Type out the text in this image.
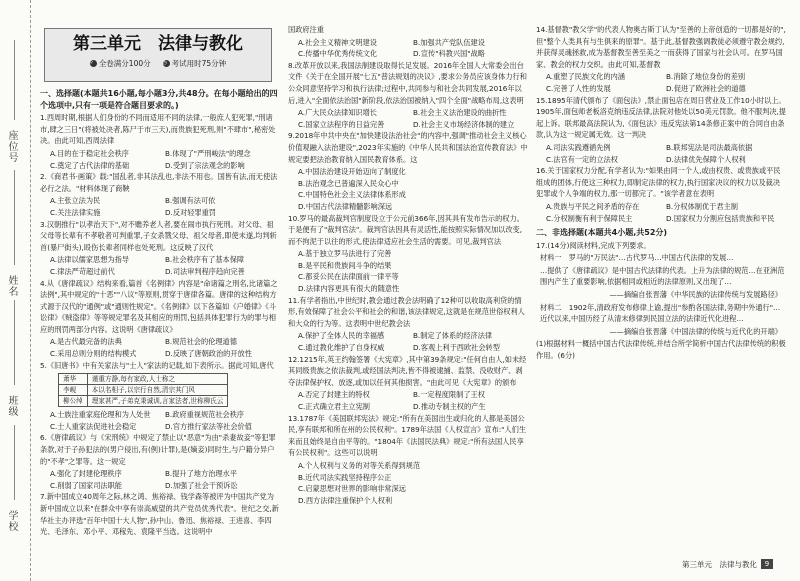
座位号
姓名
班级
学校
第三单元　法律与教化
✓ 全卷满分100分 ◷ 考试用时75分钟
一、选择题(本题共16小题,每小题3分,共48分。在每小题给出的四个选项中,只有一项是符合题目要求的。)
1.西周时期,根据人们身份的不同而适用不同的法律,一般庶人犯死罪,"刑诸市,肆之三日"(将被处决者,陈尸于市三天),而贵族犯死刑,则"不肆市",秘密处决。由此可知,西周法律
A.目的在于稳定社会秩序	B.体现了"严刑峻法"的理念
C.奠定了古代法律的基础	D.受到了宗法观念的影响
2.《商君书·画策》载:"国乱者,非其法乱也,非法不用也。国皆有法,而无使法必行之法。"材料体现了商鞅
A.主张立法为民	B.强调有法可依
C.关注法律实施	D.反对轻罪重罚
3.汉朝推行"以孝治天下",对不赡养老人者,要在闹市执行死刑。对父母、祖父母等长辈有不孝敬者可判重罪,子女杀戮父母、祖父母者,即使未遂,均判斩首(暴尸街头),殴伤长辈者同样也处死刑。这反映了汉代
A.法律以儒家思想为指导	B.社会秩序有了基本保障
C.律法严苛超过前代	D.司法审判程序趋向完善
4.从《唐律疏议》结构来看,篇首《名例律》内容是"命诸篇之刑名,比诸篇之法例",其中规定的"十恶""八议"等原则,贯穿于唐律各篇。唐律的这种结构方式源于汉代的"通例"或"通则性规定"。《名例律》以下各篇如《户婚律》《斗讼律》《贼盗律》等等规定罪名及其相应的刑罚,包括具体犯罪行为的罪与相应的刑罚两部分内容。这说明《唐律疏议》
A.是古代最完备的法典	B.规范社会的伦理道德
C.采用总则分则的结构模式	D.反映了唐朝政治的开放性
5.《旧唐书》中有关家法与"士人"家法的记载,如下表所示。据此可知,唐代
萧华	谨重方静,每有家政,人士称之
李岘	本以名相子,以宗行自然,清宗其门风
柳公绰	理家甚严,子弟克秉诚训,言家法者,世称柳氏云
A.士族注重家庭伦理和为人处世	B.政府重视规范社会秩序
C.士人重家法促进社会稳定	D.官方推行家法等社会价值
6.《唐律疏议》与《宋刑统》中规定了禁止以"恶意"为由"杀妻故妾"等犯罪条款,对于子孙犯法的(男户侵出,有(例)计罪),是(嫡妾)同时生,与户籍分异户的"不孝"之罪等。这一规定
A.强化了封建伦理秩序	B.提升了地方治理水平
C.削弱了国家司法职能	D.加强了社会干预诉讼
7.新中国成立40周年之际,林之鸿、焦裕禄、钱学森等被评为中国共产党为新中国成立以来"在群众中享有崇高威望的共产党员优秀代表"。世纪之交,新华社主办评选"百年中国十大人物",孙中山、鲁迅、焦裕禄、王进喜、李四光、毛泽东、邓小平、邓稼先、袁隆平当选。这说明中
国政府注重
A.社会主义精神文明建设	B.加强共产党队伍建设
C.传播中华优秀传统文化	D.宣传"科教兴国"战略
8.改革开放以来,我国法制建设取得长足发展。2016年全国人大常委会出台文件《关于在全国开展"七五"普法规划的决议》,要求公务员应该身体力行和公众同意坚持学习和执行法律;过程中,共同参与和社会共同发展,2016年以后,进入"全面依法治国"新阶段,依法治国被纳入"四个全面"战略布局,这表明
A.广大民众法律知识增长	B.社会主义法治建设的曲折性
C.国家立法程序的日益完善	D.社会主义市场经济体制的建立
9.2018年中共中央在"加快建设法治社会"的内容中,强调"推动社会主义核心价值观融入法治建设",2023年实施的《中华人民共和国法治宣传教育法》中规定要把法治教育纳入国民教育体系。这
A.中国法治建设开始迈向了制度化
B.法治观念已普遍深入民众心中
C.中国特色社会主义法律体系形成
D.中国古代法律精髓影响深远
10.罗马的最高裁判官制度设立于公元前366年,因其具有发布告示的权力。于是便有了"裁判官法"。裁判官法因具有灵活性,能按照实际情况加以改变,而不拘泥于以往的形式,使法律适应社会生活的需要。可见,裁判官法
A.基于独立罗马法进行了完善
B.是平民和贵族间斗争的结果
C.都妥公民在法律面前一律平等
D.法律内容更具有很大的随意性
11.有学者指出,中世纪时,教会通过教会法明确了12种可以收取高利贷的情形,有效保障了社会公平和社会的和谐,该法律规定,这就是在规范世俗权利人和大众的行为等。这表明中世纪教会法
A.保护了全体人民的幸福感	B.制定了体系的经济法律
C.通过教化维护了自身权威	D.客观上利于西欧社会转型
12.1215年,英王约翰签署《大宪章》,其中第39条规定:"任何自由人,如未经其同级贵族之依法裁判,或经国法判决,皆不得被逮捕、监禁、没收财产、剥夺法律保护权、放逐,或加以任何其他损害。"由此可见《大宪章》的颁布
A.否定了封建主的特权	B.一定程度限制了王权
C.正式确立君主立宪制	D.推动专制主权的产生
13.1787年《美国联邦宪法》规定:"所有在美国出生或归化的人都是美国公民,享有联邦和所在州的公民权利"。1789年法国《人权宣言》宣布:"人们生来而且始终是自由平等的。"1804年《法国民法典》规定:"所有法国人民享有公民权利"。这些可以说明
A.个人权利与义务的对等关系得到规范
B.近代司法实践坚持程序公正
C.启蒙思想对世界的影响非常深远
D.西方法律注重保护个人权利
14.基督教"教父学"的代表人物奥古斯丁认为"至善的上帝创造的一切都是好的",但"整个人类具有与生俱来的原罪"。基于此,基督教强调教徒必须遵守教会规约,并获得灵魂拯救,成为基督教至善至美之一而获得了国家与社会认可。在罗马国家、教会的权力交织。由此可知,基督教
A.重塑了民族文化的内涵	B.消除了地位身份的差别
C.完善了人性的发展	D.促进了欧洲社会的道德
15.1895年清代颁布了《面包法》,禁止面包店在周日营业及工作10小时以上。1905年,面包师老板洛克纳违反法律,法院对他处以50美元罚款。他不服判决,提起上诉。联邦最高法院认为,《面包法》违反宪法第14条修正案中的合同自由条款,认为这一规定属无效。这一判决
A.司法实践遵循先例	B.联邦宪法是司法最高依据
C.法官有一定的立法权	D.法律优先保障个人权利
16.关于国家权力分配,有学者认为:"如果由同一个人,或由权贵、或贵族或平民组成的团体,行使这三种权力,即制定法律的权力,执行国家决议的权力以及裁决犯罪或个人争端的权力,那一切都完了。"该学者意在表明
A.贵族与平民之间矛盾的存在	B.分权体制优于君主制
C.分权制衡有利于保障民主	D.国家权力分割应包括贵族和平民
二、非选择题(本题共4小题,共52分)
17.(14分)阅读材料,完成下列要求。
材料一　罗马的"万民法"…古代罗马…中国古代法律的发展…
…提供了《唐律疏议》是中国古代法律的代表。上升为法律的规范…在亚洲范围内产生了重要影响,依据相同或相近的法律原则,又出现了…
——摘编自张晋藩《中华民族的法律传统与发展路径》
材料二　1902年,清政府发布修律上谕,提出"参酌各国法律,务期中外通行"…近代以来,中国历经了从清末修律到民国立法的法律近代化进程…
——摘编自张晋藩《中国法律的传统与近代化的开端》
(1)根据材料一概括中国古代法律传统,并结合所学简析中国古代法律传统的积极作用。(6分)
第三单元　法律与教化	9
